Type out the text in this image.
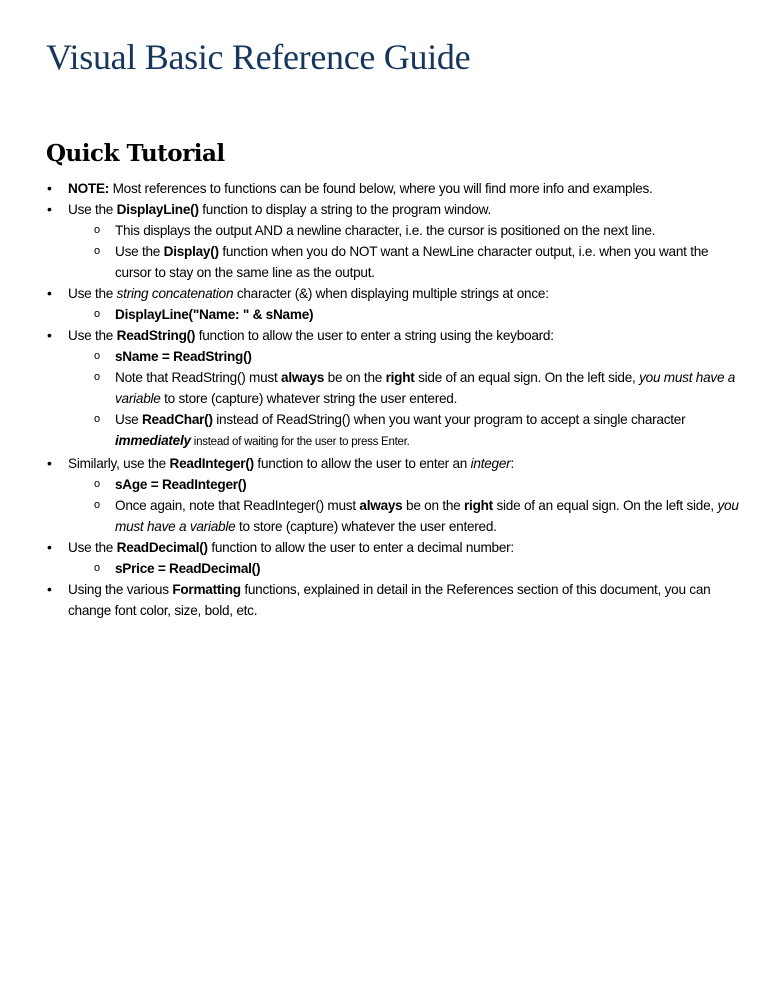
Visual Basic Reference Guide
Quick Tutorial
• NOTE: Most references to functions can be found below, where you will find more info and examples.
• Use the DisplayLine() function to display a string to the program window.
o This displays the output AND a newline character, i.e. the cursor is positioned on the next line.
o Use the Display() function when you do NOT want a NewLine character output, i.e. when you want the cursor to stay on the same line as the output.
• Use the string concatenation character (&) when displaying multiple strings at once:
o DisplayLine("Name: " & sName)
• Use the ReadString() function to allow the user to enter a string using the keyboard:
o sName = ReadString()
o Note that ReadString() must always be on the right side of an equal sign. On the left side, you must have a variable to store (capture) whatever string the user entered.
o Use ReadChar() instead of ReadString() when you want your program to accept a single character immediately instead of waiting for the user to press Enter.
• Similarly, use the ReadInteger() function to allow the user to enter an integer:
o sAge = ReadInteger()
o Once again, note that ReadInteger() must always be on the right side of an equal sign. On the left side, you must have a variable to store (capture) whatever the user entered.
• Use the ReadDecimal() function to allow the user to enter a decimal number:
o sPrice = ReadDecimal()
• Using the various Formatting functions, explained in detail in the References section of this document, you can change font color, size, bold, etc.
